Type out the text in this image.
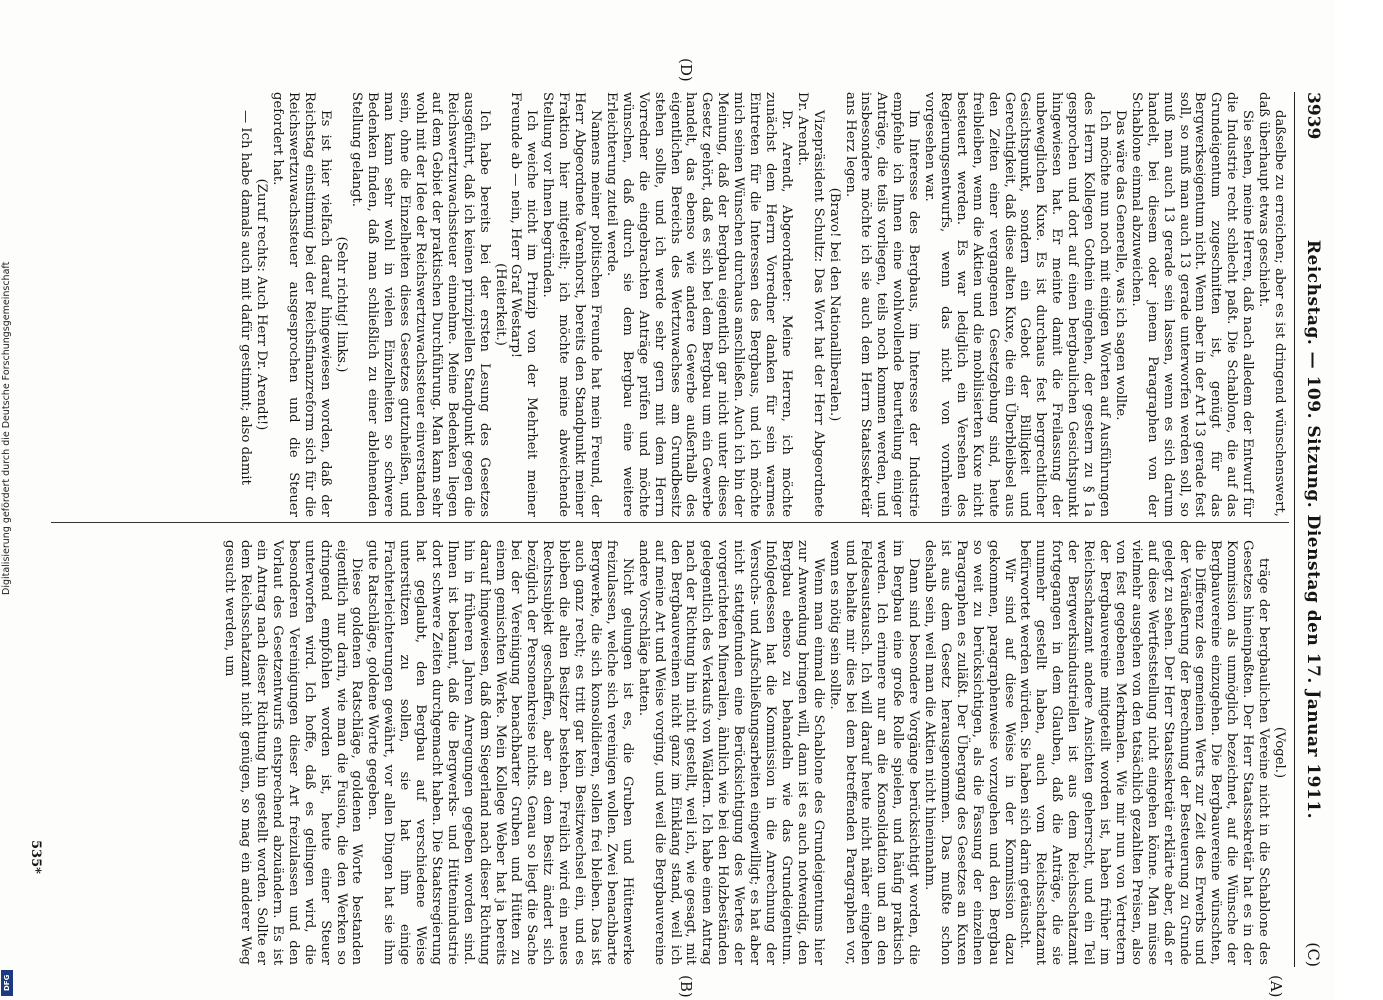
3939
Reichstag. — 109. Sitzung. Dienstag den 17. Januar 1911.
(C)

daßselbe zu erreichen; aber es ist dringend wünschenswert, daß überhaupt etwas geschieht.

Sie sehen, meine Herren, daß nach alledem der Entwurf für die Industrie recht schlecht paßt. Die Schablone, die auf das Grundeigentum zugeschnitten ist, genügt für das Bergwerkseigentum nicht. Wenn aber in der Art 13 gerade fest soll, so muß man auch 13 gerade unterworfen werden soll, so muß man auch 13 gerade sein lassen, wenn es sich darum handelt, bei diesem oder jenem Paragraphen von der Schablone einmal abzuweichen.

Das wäre das Generelle, was ich sagen wollte.

Ich möchte nun noch mit einigen Worten auf Ausführungen des Herrn Kollegen Gothein eingehen, der gestern zu § 1a gesprochen und dort auf einen bergbaulichen Gesichtspunkt hingewiesen hat. Er meinte damit die Freilassung der unbeweglichen Kuxe. Es ist durchaus fest bergrechtlicher Gesichtspunkt, sondern ein Gebot der Billigkeit und Gerechtigkeit, daß diese alten Kuxe, die ein Überbleibsel aus den Zeiten einer vergangenen Gesetzgebung sind, heute freibleiben, wenn die Aktien und die mobilisierten Kuxe nicht besteuert werden. Es war lediglich ein Versehen des Regierungsentwurfs, wenn das nicht von vornherein vorgesehen war.

Im Interesse des Bergbaus, im Interesse der Industrie empfehle ich Ihnen eine wohlwollende Beurteilung einiger Anträge, die teils vorliegen, teils noch kommen werden, und insbesondere möchte ich sie auch dem Herrn Staatssekretär ans Herz legen.

(Bravo! bei den Nationalliberalen.)

Vizepräsident Schultz: Das Wort hat der Herr Abgeordnete Dr. Arendt.

Dr. Arendt, Abgeordneter: Meine Herren, ich möchte zunächst dem Herrn Vorredner danken für sein warmes Eintreten für die Interessen des Bergbaus, und ich möchte mich seinen Wünschen durchaus anschließen. Auch ich bin der Meinung, daß der Bergbau eigentlich gar nicht unter dieses Gesetz gehört, daß es sich bei dem Bergbau um ein Gewerbe handelt, das ebenso wie andere Gewerbe außerhalb des eigentlichen Bereichs des Wertzuwachses am Grundbesitz stehen sollte, und ich werde sehr gern mit dem Herrn Vorredner die eingebrachten Anträge prüfen und möchte wünschen, daß durch sie dem Bergbau eine weitere Erleichterung zuteil werde.

Namens meiner politischen Freunde hat mein Freund, der Herr Abgeordnete Varenhorst, bereits den Standpunkt meiner Fraktion hier mitgeteilt; ich möchte meine abweichende Stellung vor Ihnen begründen.

Ich weiche nicht im Prinzip von der Mehrheit meiner Freunde ab — nein, Herr Graf Westarp!

(Heiterkeit.)

Ich habe bereits bei der ersten Lesung des Gesetzes ausgeführt, daß ich keinen prinzipiellen Standpunkt gegen die Reichswertzuwachssteuer einnehme. Meine Bedenken liegen auf dem Gebiet der praktischen Durchführung. Man kann sehr wohl mit der Idee der Reichswertzuwachssteuer einverstanden sein, ohne die Einzelheiten dieses Gesetzes gutzuheißen, und man kann sehr wohl in vielen Einzelheiten so schwere Bedenken finden, daß man schließlich zu einer ablehnenden Stellung gelangt.

(Sehr richtig! links.)

Es ist hier vielfach darauf hingewiesen worden, daß der Reichstag einstimmig bei der Reichsfinanzreform sich für die Reichswertzuwachssteuer ausgesprochen und die Steuer gefordert hat.

(Zuruf rechts: Auch Herr Dr. Arendt!)

— Ich habe damals auch mit dafür gestimmt; also damit

(Vogel.)

träge der bergbaulichen Vereine nicht in die Schablone des Gesetzes hineinpaßten. Der Herr Staatssekretär hat es in der Kommission als unmöglich bezeichnet, auf die Wünsche der Bergbauvereine einzugehen. Die Bergbauvereine wünschten, die Differenz des gemeinen Werts zur Zeit des Erwerbs und der Veräußerung der Berechnung der Besteuerung zu Grunde gelegt zu sehen. Der Herr Staatssekretär erklärte aber, daß er auf diese Wertfeststellung nicht eingehen könne. Man müsse vielmehr ausgehen von den tatsächlich gezahlten Preisen, also von fest gegebenen Merkmalen. Wie mir nun von Vertretern der Bergbauvereine mitgeteilt worden ist, haben früher im Reichsschatzamt andere Ansichten geherrscht, und ein Teil der Bergwerksindustriellen ist aus dem Reichsschatzamt fortgegangen in dem Glauben, daß die Anträge, die sie nunmehr gestellt haben, auch vom Reichsschatzamt befürwortet werden würden. Sie haben sich darin getäuscht.

Wir sind auf diese Weise in der Kommission dazu gekommen, paragraphenweise vorzugehen und den Bergbau so weit zu berücksichtigen, als die Fassung der einzelnen Paragraphen es zuläßt. Der Übergang des Gesetzes an Kuxen ist aus dem Gesetz herausgenommen. Das mußte schon deshalb sein, weil man die Aktien nicht hineinnahm.

Dann sind besondere Vorgänge berücksichtigt worden, die im Bergbau eine große Rolle spielen, und häufig praktisch werden. Ich erinnere nur an die Konsolidation und an den Feldesaustausch. Ich will darauf heute nicht näher eingehen und behalte mir dies bei dem betreffenden Paragraphen vor, wenn es nötig sein sollte.

Wenn man einmal die Schablone des Grundeigentums hier zur Anwendung bringen will, dann ist es auch notwendig, den Bergbau ebenso zu behandeln wie das Grundeigentum. Infolgedessen hat die Kommission in die Anrechnung der Versuchs- und Aufschließungsarbeiten eingewilligt; es hat aber nicht stattgefunden eine Berücksichtigung des Wertes der vorgerichteten Mineralien, ähnlich wie bei den Holzbeständen gelegentlich des Verkaufs von Wäldern. Ich habe einen Antrag nach der Richtung hin nicht gestellt, weil ich, wie gesagt, mit den Bergbauvereinen nicht ganz im Einklang stand, weil ich auf meine Art und Weise vorging, und weil die Bergbauvereine andere Vorschläge hatten.

Nicht gelungen ist es, die Gruben und Hüttenwerke freizulassen, welche sich vereinigen wollen. Zwei benachbarte Bergwerke, die sich konsolidieren, sollen frei bleiben. Das ist auch ganz recht; es tritt gar kein Besitzwechsel ein, und es bleiben die alten Besitzer bestehen. Freilich wird ein neues Rechtssubjekt geschaffen, aber an dem Besitz ändert sich bezüglich der Personenkreise nichts. Genau so liegt die Sache bei der Vereinigung benachbarter Gruben und Hütten zu einem gemischten Werke. Mein Kollege Weber hat ja bereits darauf hingewiesen, daß dem Siegerland nach dieser Richtung hin in früheren Jahren Anregungen gegeben worden sind. Ihnen ist bekannt, daß die Bergwerks- und Hüttenindustrie dort schwere Zeiten durchgemacht haben. Die Staatsregierung hat geglaubt, den Bergbau auf verschiedene Weise unterstützen zu sollen, sie hat ihm einige Frachterleichterungen gewährt, vor allen Dingen hat sie ihm gute Ratschläge, goldene Worte gegeben.

Diese goldenen Ratschläge, goldenen Worte bestanden eigentlich nur darin, wie man die Fusion, die den Werken so dringend empfohlen worden ist, heute einer Steuer unterworfen wird. Ich hoffe, daß es gelingen wird, die besonderen Vereinigungen dieser Art freizulassen und den Vorlaut des Gesetzentwurfs entsprechend abzuändern. Es ist ein Antrag nach dieser Richtung hin gestellt worden. Sollte er dem Reichsschatzamt nicht genügen, so mag ein anderer Weg gesucht werden, um

(A)
(B)
(D)
535*
Digitalisierung gefördert durch die Deutsche Forschungsgemeinschaft
DFG
